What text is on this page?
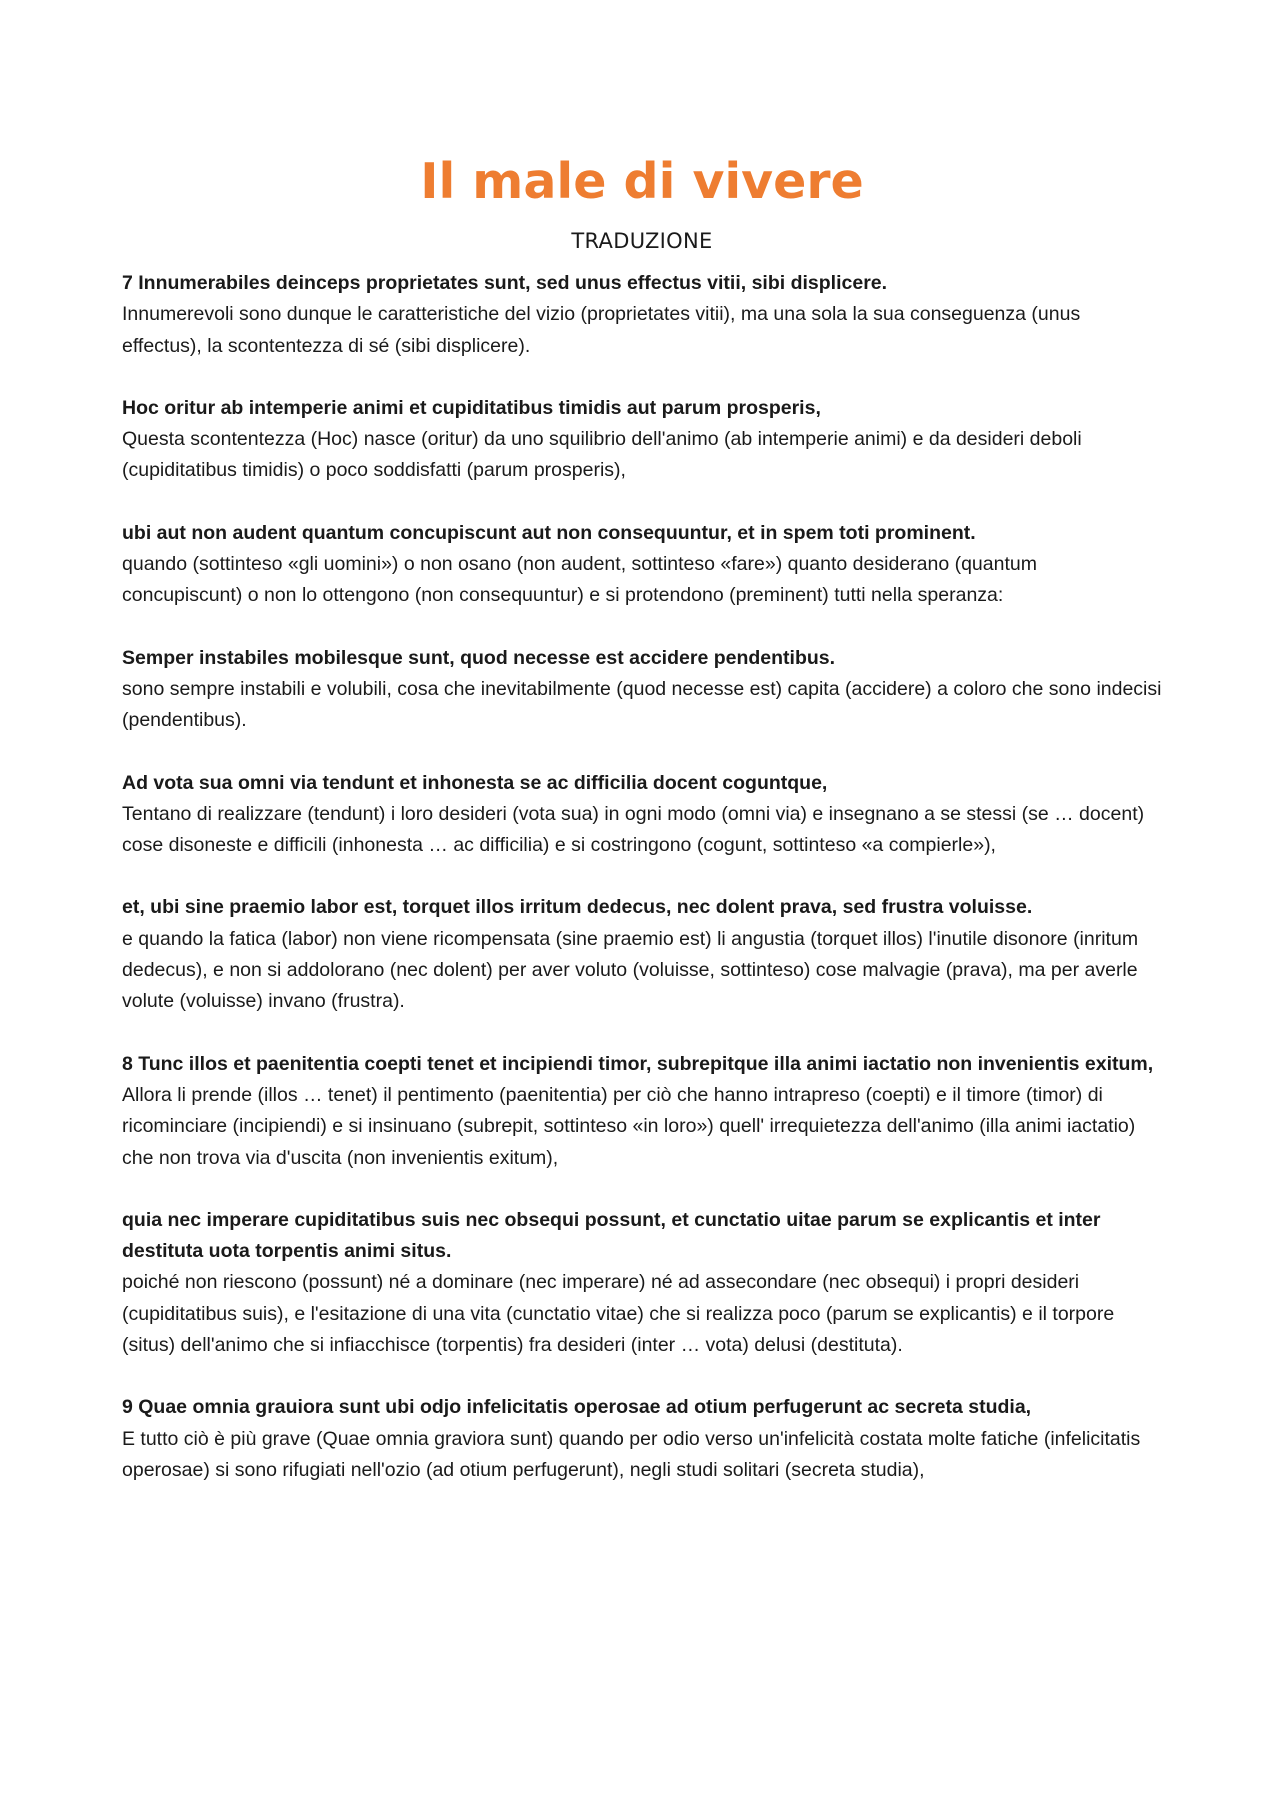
Il male di vivere
TRADUZIONE

7 Innumerabiles deinceps proprietates sunt, sed unus effectus vitii, sibi displicere.

Innumerevoli sono dunque le caratteristiche del vizio (proprietates vitii), ma una sola la sua conseguenza (unus effectus), la scontentezza di sé (sibi displicere).

Hoc oritur ab intemperie animi et cupiditatibus timidis aut parum prosperis,

Questa scontentezza (Hoc) nasce (oritur) da uno squilibrio dell'animo (ab intemperie animi) e da desideri deboli (cupiditatibus timidis) o poco soddisfatti (parum prosperis),

ubi aut non audent quantum concupiscunt aut non consequuntur, et in spem toti prominent.

quando (sottinteso «gli uomini») o non osano (non audent, sottinteso «fare») quanto desiderano (quantum concupiscunt) o non lo ottengono (non consequuntur) e si protendono (preminent) tutti nella speranza:

Semper instabiles mobilesque sunt, quod necesse est accidere pendentibus.

sono sempre instabili e volubili, cosa che inevitabilmente (quod necesse est) capita (accidere) a coloro che sono indecisi (pendentibus).

Ad vota sua omni via tendunt et inhonesta se ac difficilia docent coguntque,

Tentano di realizzare (tendunt) i loro desideri (vota sua) in ogni modo (omni via) e insegnano a se stessi (se … docent) cose disoneste e difficili (inhonesta … ac difficilia) e si costringono (cogunt, sottinteso «a compierle»),

et, ubi sine praemio labor est, torquet illos irritum dedecus, nec dolent prava, sed frustra voluisse.

e quando la fatica (labor) non viene ricompensata (sine praemio est) li angustia (torquet illos) l'inutile disonore (inritum dedecus), e non si addolorano (nec dolent) per aver voluto (voluisse, sottinteso) cose malvagie (prava), ma per averle volute (voluisse) invano (frustra).

8 Tunc illos et paenitentia coepti tenet et incipiendi timor, subrepitque illa animi iactatio non invenientis exitum,

Allora li prende (illos … tenet) il pentimento (paenitentia) per ciò che hanno intrapreso (coepti) e il timore (timor) di ricominciare (incipiendi) e si insinuano (subrepit, sottinteso «in loro») quell' irrequietezza dell'animo (illa animi iactatio) che non trova via d'uscita (non invenientis exitum),

quia nec imperare cupiditatibus suis nec obsequi possunt, et cunctatio uitae parum se explicantis et inter destituta uota torpentis animi situs.

poiché non riescono (possunt) né a dominare (nec imperare) né ad assecondare (nec obsequi) i propri desideri (cupiditatibus suis), e l'esitazione di una vita (cunctatio vitae) che si realizza poco (parum se explicantis) e il torpore (situs) dell'animo che si infiacchisce (torpentis) fra desideri (inter … vota) delusi (destituta).

9 Quae omnia grauiora sunt ubi odjo infelicitatis operosae ad otium perfugerunt ac secreta studia,

E tutto ciò è più grave (Quae omnia graviora sunt) quando per odio verso un'infelicità costata molte fatiche (infelicitatis operosae) si sono rifugiati nell'ozio (ad otium perfugerunt), negli studi solitari (secreta studia),
